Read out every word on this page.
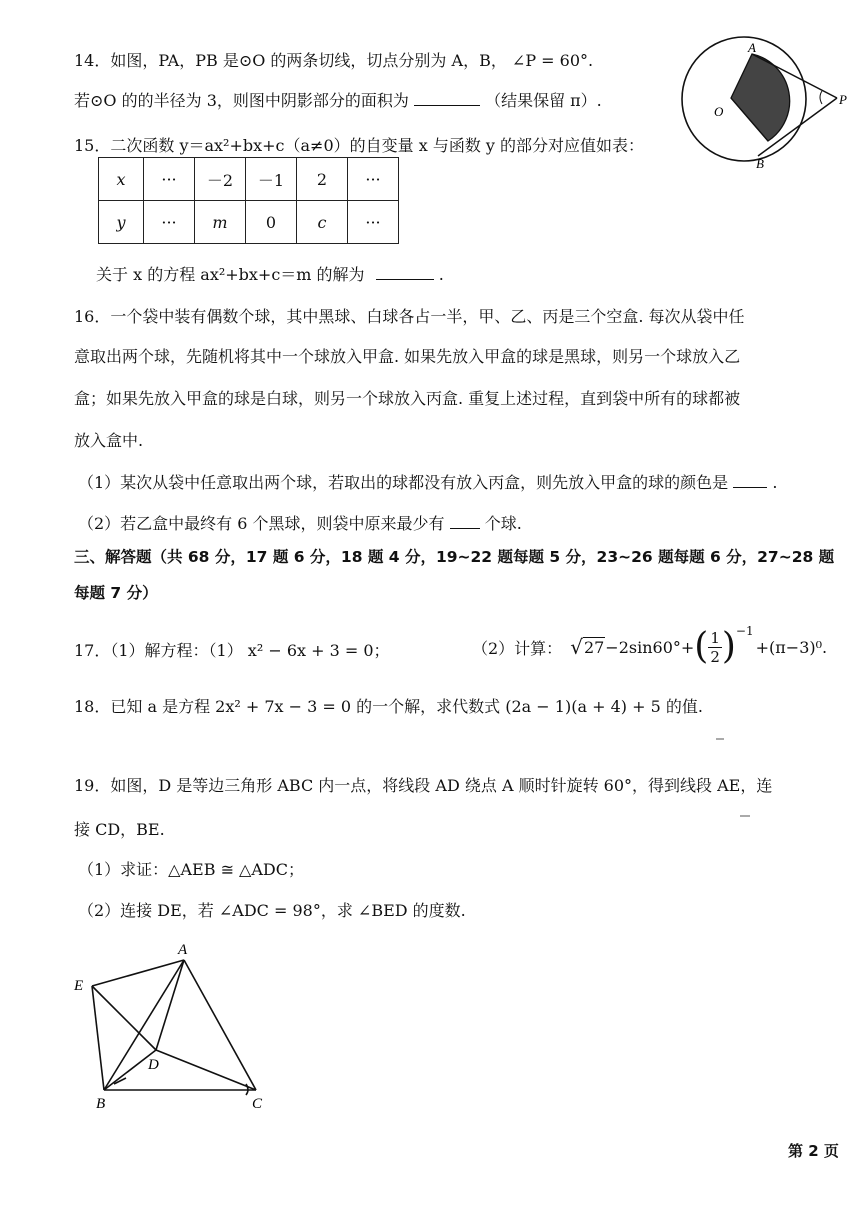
14．如图，PA，PB 是⊙O 的两条切线，切点分别为 A，B， ∠P = 60°.
若⊙O 的的半径为 3，则图中阴影部分的面积为	（结果保留 π）.
A
O
P
B
15．二次函数 y＝ax²+bx+c（a≠0）的自变量 x 与函数 y 的部分对应值如表：
x	···	－2	－1	2	···
y	···	m	0	c	···
关于 x 的方程 ax²+bx+c＝m 的解为	.
16．一个袋中装有偶数个球，其中黑球、白球各占一半，甲、乙、丙是三个空盒. 每次从袋中任
意取出两个球，先随机将其中一个球放入甲盒. 如果先放入甲盒的球是黑球，则另一个球放入乙
盒；如果先放入甲盒的球是白球，则另一个球放入丙盒. 重复上述过程，直到袋中所有的球都被
放入盒中.
（1）某次从袋中任意取出两个球，若取出的球都没有放入丙盒，则先放入甲盒的球的颜色是	.
（2）若乙盒中最终有 6 个黑球，则袋中原来最少有	个球.
三、解答题（共 68 分，17 题 6 分，18 题 4 分，19~22 题每题 5 分，23~26 题每题 6 分，27~28 题
每题 7 分）
17．（1）解方程：（1） x² − 6x + 3 = 0；	（2）计算： √ 27 −2sin60°+ ( $\frac{1}{2}$ ) −1
+(π−3)⁰.
18．已知 a 是方程 2x² + 7x − 3 = 0 的一个解，求代数式 (2a − 1)(a + 4) + 5 的值.
19．如图，D 是等边三角形 ABC 内一点，将线段 AD 绕点 A 顺时针旋转 60°，得到线段 AE，连
接 CD，BE.
（1）求证：△AEB ≅ △ADC；
（2）连接 DE，若 ∠ADC = 98°，求 ∠BED 的度数.
A
E
D
B	C
第 2 页
